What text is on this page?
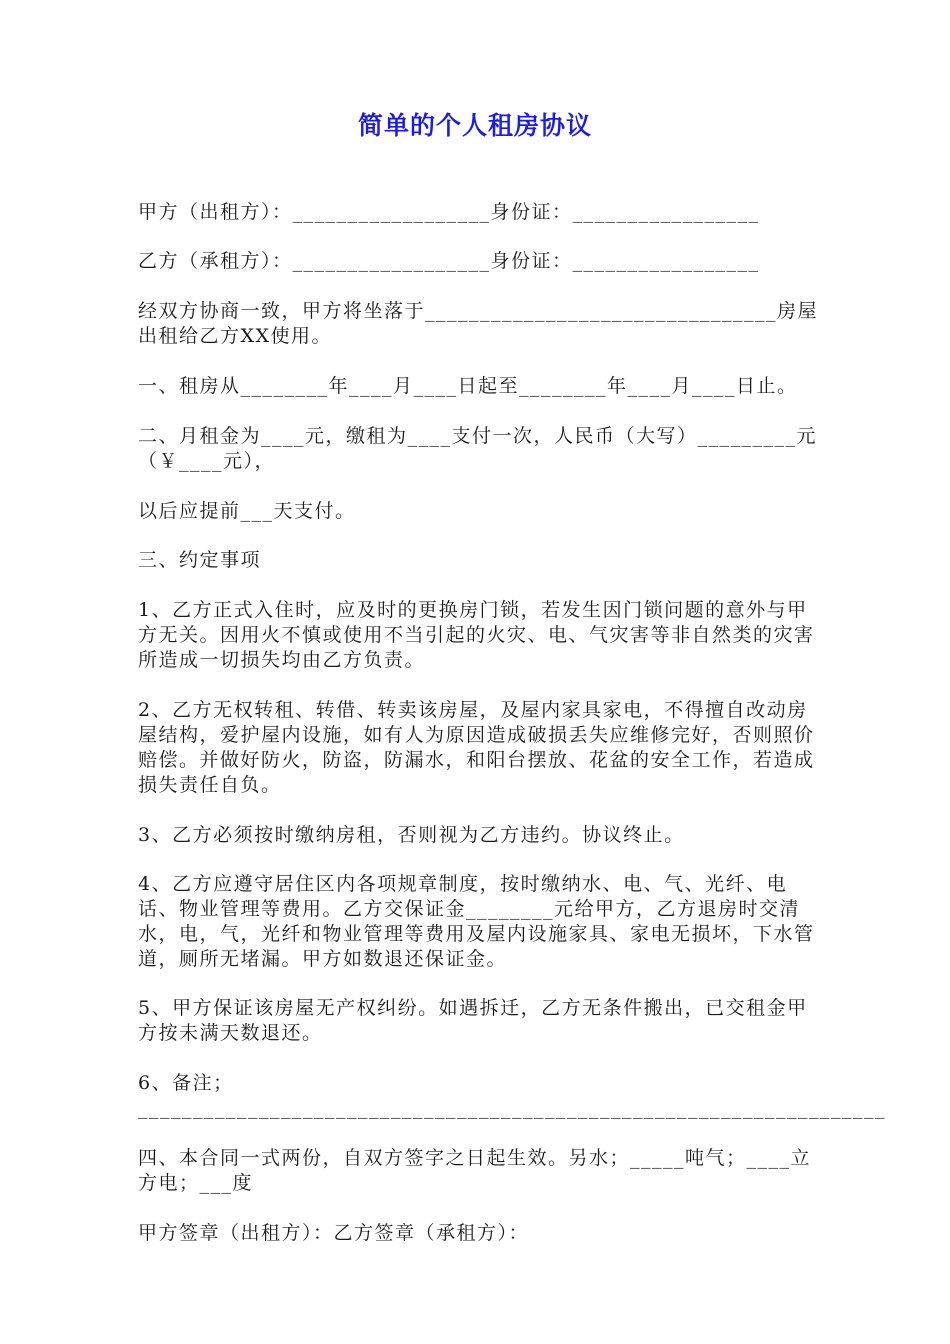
简单的个人租房协议

甲方（出租方）：__________________身份证：_________________

乙方（承租方）：__________________身份证：_________________

经双方协商一致，甲方将坐落于________________________________房屋出租给乙方XX使用。

一、租房从________年____月____日起至________年____月____日止。

二、月租金为____元，缴租为____支付一次，人民币（大写）_________元（￥____元），

以后应提前___天支付。

三、约定事项

1、乙方正式入住时，应及时的更换房门锁，若发生因门锁问题的意外与甲方无关。因用火不慎或使用不当引起的火灾、电、气灾害等非自然类的灾害所造成一切损失均由乙方负责。

2、乙方无权转租、转借、转卖该房屋，及屋内家具家电，不得擅自改动房屋结构，爱护屋内设施，如有人为原因造成破损丢失应维修完好，否则照价赔偿。并做好防火，防盗，防漏水，和阳台摆放、花盆的安全工作，若造成损失责任自负。

3、乙方必须按时缴纳房租，否则视为乙方违约。协议终止。

4、乙方应遵守居住区内各项规章制度，按时缴纳水、电、气、光纤、电话、物业管理等费用。乙方交保证金________元给甲方，乙方退房时交清水，电，气，光纤和物业管理等费用及屋内设施家具、家电无损坏，下水管道，厕所无堵漏。甲方如数退还保证金。

5、甲方保证该房屋无产权纠纷。如遇拆迁，乙方无条件搬出，已交租金甲方按未满天数退还。

6、备注；____________________________________________________________________

四、本合同一式两份，自双方签字之日起生效。另水；_____吨气；____立方电；___度

甲方签章（出租方）：乙方签章（承租方）：
